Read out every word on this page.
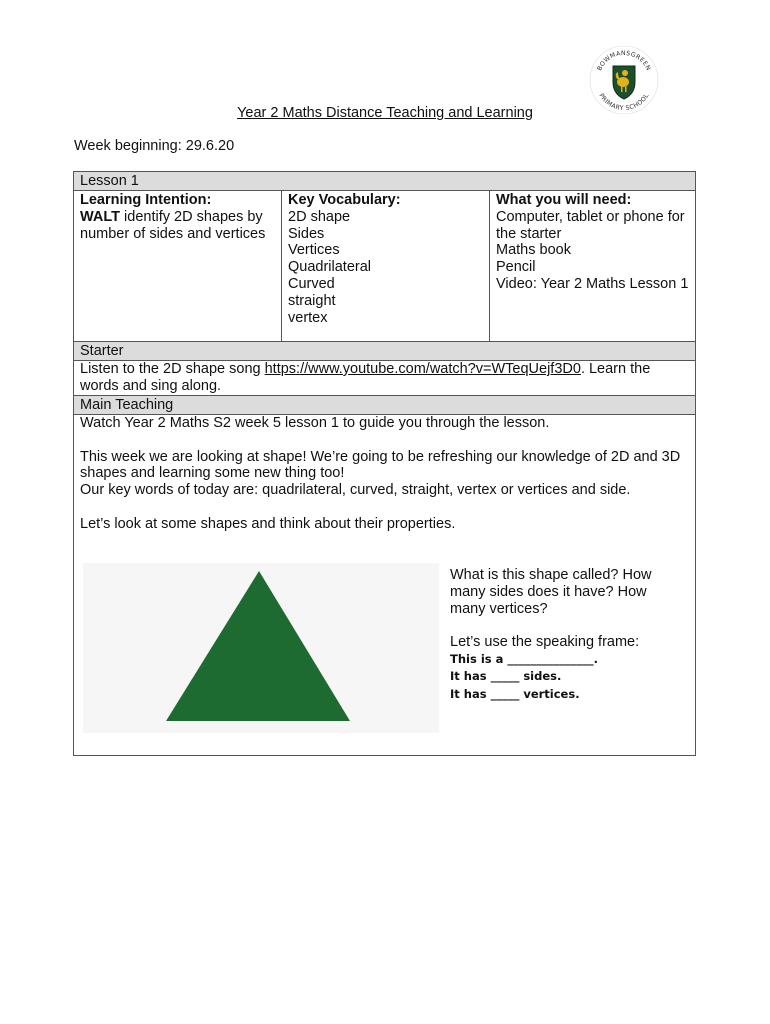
BOWMANSGREEN
PRIMARY SCHOOL
Year 2 Maths Distance Teaching and Learning
Week beginning: 29.6.20
Lesson 1
Learning Intention:
WALT identify 2D shapes by number of sides and vertices
Key Vocabulary:
2D shape
Sides
Vertices
Quadrilateral
Curved
straight
vertex
What you will need:
Computer, tablet or phone for the starter
Maths book
Pencil
Video: Year 2 Maths Lesson 1
Starter
Listen to the 2D shape song https://www.youtube.com/watch?v=WTeqUejf3D0. Learn the words and sing along.
Main Teaching

Watch Year 2 Maths S2 week 5 lesson 1 to guide you through the lesson.

This week we are looking at shape! We’re going to be refreshing our knowledge of 2D and 3D shapes and learning some new thing too!

Our key words of today are: quadrilateral, curved, straight, vertex or vertices and side.

Let’s look at some shapes and think about their properties.

What is this shape called? How many sides does it have? How many vertices?
Let’s use the speaking frame:
This is a _______________.
It has _____ sides.
It has _____ vertices.
